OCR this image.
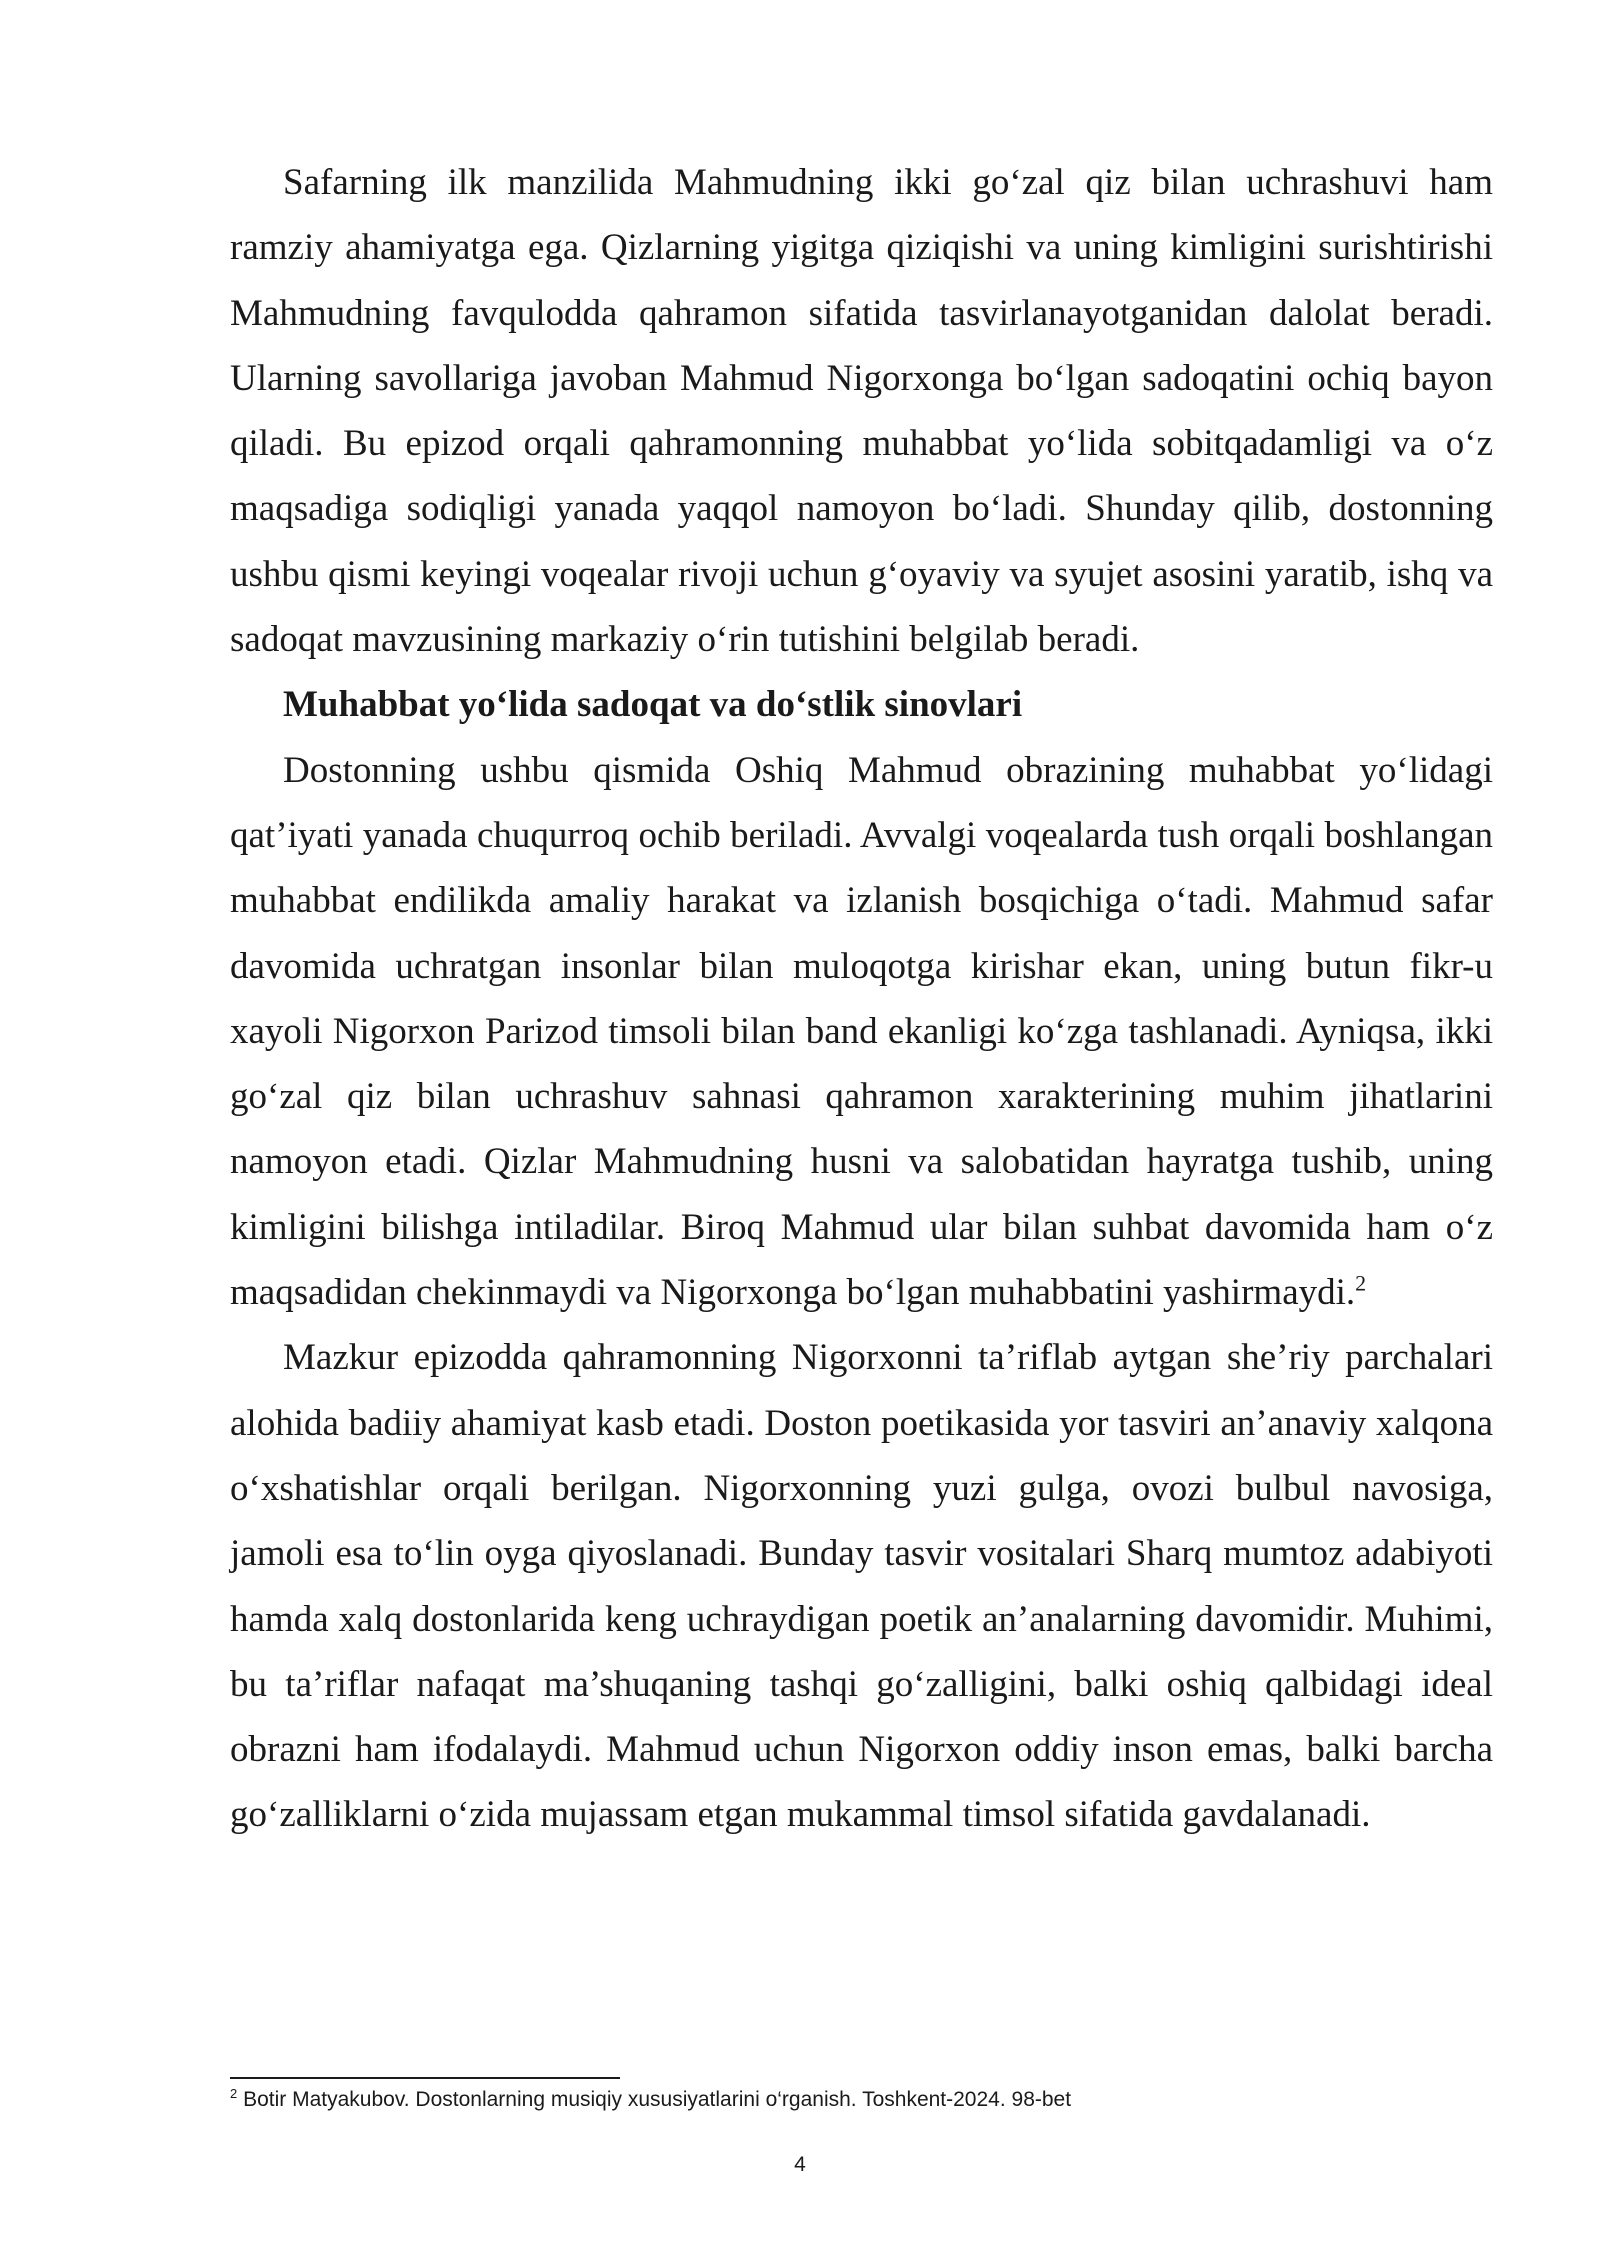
Safarning ilk manzilida Mahmudning ikki go‘zal qiz bilan uchrashuvi ham ramziy ahamiyatga ega. Qizlarning yigitga qiziqishi va uning kimligini surishtirishi Mahmudning favqulodda qahramon sifatida tasvirlanayotganidan dalolat beradi. Ularning savollariga javoban Mahmud Nigorxonga bo‘lgan sadoqatini ochiq bayon qiladi. Bu epizod orqali qahramonning muhabbat yo‘lida sobitqadamligi va o‘z maqsadiga sodiqligi yanada yaqqol namoyon bo‘ladi. Shunday qilib, dostonning ushbu qismi keyingi voqealar rivoji uchun g‘oyaviy va syujet asosini yaratib, ishq va sadoqat mavzusining markaziy o‘rin tutishini belgilab beradi.

Muhabbat yo‘lida sadoqat va do‘stlik sinovlari

Dostonning ushbu qismida Oshiq Mahmud obrazining muhabbat yo‘lidagi qat’iyati yanada chuqurroq ochib beriladi. Avvalgi voqealarda tush orqali boshlangan muhabbat endilikda amaliy harakat va izlanish bosqichiga o‘tadi. Mahmud safar davomida uchratgan insonlar bilan muloqotga kirishar ekan, uning butun fikr-u xayoli Nigorxon Parizod timsoli bilan band ekanligi ko‘zga tashlanadi. Ayniqsa, ikki go‘zal qiz bilan uchrashuv sahnasi qahramon xarakterining muhim jihatlarini namoyon etadi. Qizlar Mahmudning husni va salobatidan hayratga tushib, uning kimligini bilishga intiladilar. Biroq Mahmud ular bilan suhbat davomida ham o‘z maqsadidan chekinmaydi va Nigorxonga bo‘lgan muhabbatini yashirmaydi.$^2$

Mazkur epizodda qahramonning Nigorxonni ta’riflab aytgan she’riy parchalari alohida badiiy ahamiyat kasb etadi. Doston poetikasida yor tasviri an’anaviy xalqona o‘xshatishlar orqali berilgan. Nigorxonning yuzi gulga, ovozi bulbul navosiga, jamoli esa to‘lin oyga qiyoslanadi. Bunday tasvir vositalari Sharq mumtoz adabiyoti hamda xalq dostonlarida keng uchraydigan poetik an’analarning davomidir. Muhimi, bu ta’riflar nafaqat ma’shuqaning tashqi go‘zalligini, balki oshiq qalbidagi ideal obrazni ham ifodalaydi. Mahmud uchun Nigorxon oddiy inson emas, balki barcha go‘zalliklarni o‘zida mujassam etgan mukammal timsol sifatida gavdalanadi.

$^2$ Botir Matyakubov. Dostonlarning musiqiy xususiyatlarini o‘rganish. Toshkent-2024. 98-bet
4
